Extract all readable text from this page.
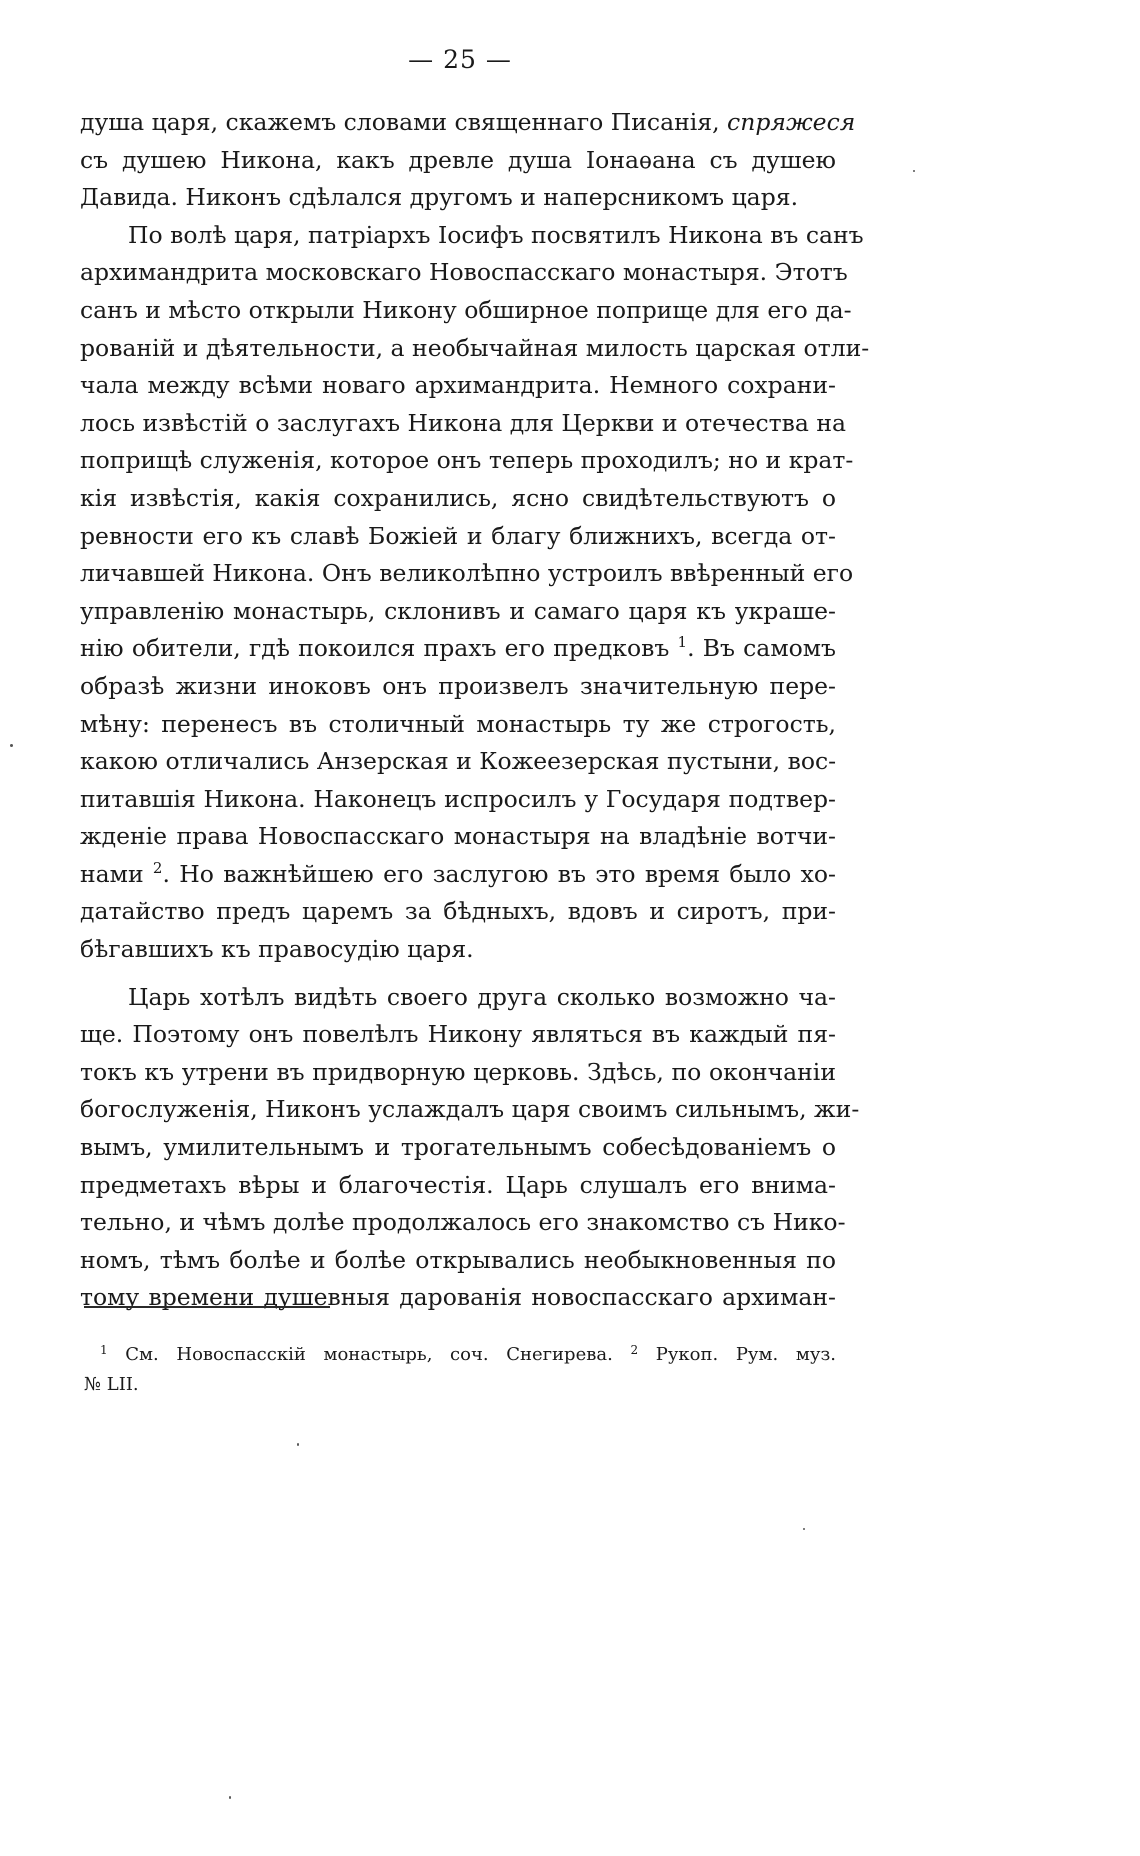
— 25 —
душа царя, скажемъ словами священнаго Писанія, спряжеся
съ душею Никона, какъ древле душа Іонаѳана съ душею
Давида. Никонъ сдѣлался другомъ и наперсникомъ царя.
По волѣ царя, патріархъ Іосифъ посвятилъ Никона въ санъ
архимандрита московскаго Новоспасскаго монастыря. Этотъ
санъ и мѣсто открыли Никону обширное поприще для его да-
рованій и дѣятельности, а необычайная милость царская отли-
чала между всѣми новаго архимандрита. Немного сохрани-
лось извѣстій о заслугахъ Никона для Церкви и отечества на
поприщѣ служенія, которое онъ теперь проходилъ; но и крат-
кія извѣстія, какія сохранились, ясно свидѣтельствуютъ о
ревности его къ славѣ Божіей и благу ближнихъ, всегда от-
личавшей Никона. Онъ великолѣпно устроилъ ввѣренный его
управленію монастырь, склонивъ и самаго царя къ украше-
нію обители, гдѣ покоился прахъ его предковъ $^1$. Въ самомъ
образѣ жизни иноковъ онъ произвелъ значительную пере-
мѣну: перенесъ въ столичный монастырь ту же строгость,
какою отличались Анзерская и Кожеезерская пустыни, вос-
питавшія Никона. Наконецъ испросилъ у Государя подтвер-
жденіе права Новоспасскаго монастыря на владѣніе вотчи-
нами $^2$. Но важнѣйшею его заслугою въ это время было хо-
датайство предъ царемъ за бѣдныхъ, вдовъ и сиротъ, при-
бѣгавшихъ къ правосудію царя.
Царь хотѣлъ видѣть своего друга сколько возможно ча-
ще. Поэтому онъ повелѣлъ Никону являться въ каждый пя-
токъ къ утрени въ придворную церковь. Здѣсь, по окончаніи
богослуженія, Никонъ услаждалъ царя своимъ сильнымъ, жи-
вымъ, умилительнымъ и трогательнымъ собесѣдованіемъ о
предметахъ вѣры и благочестія. Царь слушалъ его внима-
тельно, и чѣмъ долѣе продолжалось его знакомство съ Нико-
номъ, тѣмъ болѣе и болѣе открывались необыкновенныя по
тому времени душевныя дарованія новоспасскаго архиман-
$^1$ См. Новоспасскій монастырь, соч. Снегирева. $^2$ Рукоп. Рум. муз.
№ LII.
